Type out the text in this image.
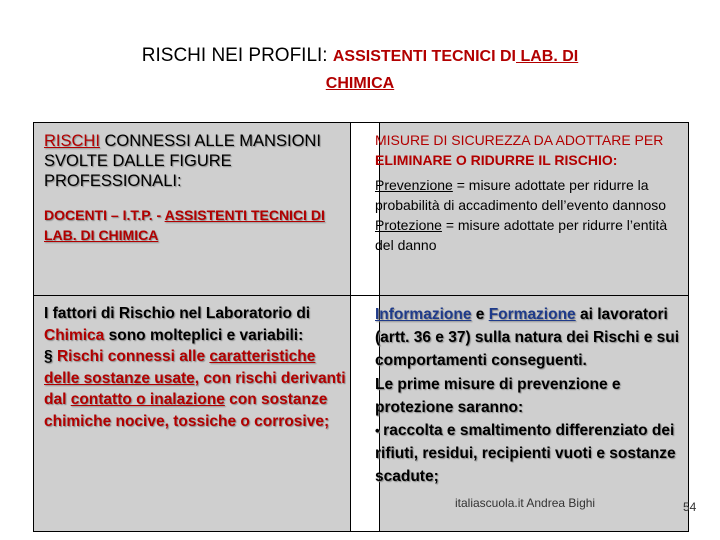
RISCHI NEI PROFILI: ASSISTENTI TECNICI DI LAB. DI
CHIMICA
RISCHI CONNESSI ALLE MANSIONI SVOLTE DALLE FIGURE PROFESSIONALI:
DOCENTI – I.T.P. - ASSISTENTI TECNICI DI LAB. DI CHIMICA
MISURE DI SICUREZZA DA ADOTTARE PER ELIMINARE O RIDURRE IL RISCHIO:
Prevenzione = misure adottate per ridurre la probabilità di accadimento dell’evento dannoso
Protezione = misure adottate per ridurre l’entità del danno
I fattori di Rischio nel Laboratorio di Chimica sono molteplici e variabili:
§ Rischi connessi alle caratteristiche delle sostanze usate, con rischi derivanti dal contatto o inalazione con sostanze chimiche nocive, tossiche o corrosive;
Informazione e Formazione ai lavoratori (artt. 36 e 37) sulla natura dei Rischi e sui comportamenti conseguenti.
Le prime misure di prevenzione e protezione saranno:
• raccolta e smaltimento differenziato dei rifiuti, residui, recipienti vuoti e sostanze scadute;
italiascuola.it Andrea Bighi	54
